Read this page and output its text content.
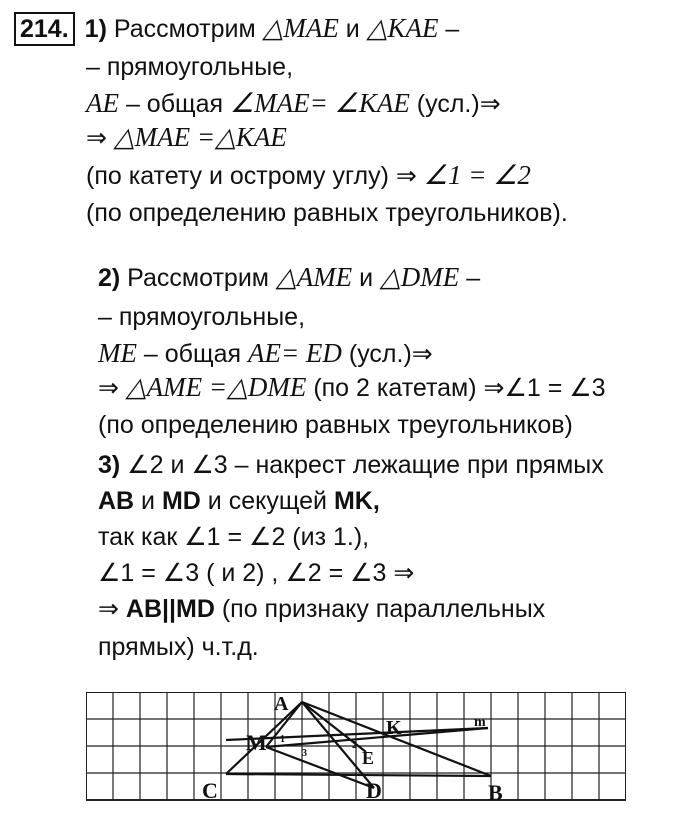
214. 1) Рассмотрим △MAE и △KAE –
– прямоугольные,
AE – общая ∠MAE= ∠KAE (усл.)⇒
⇒ △MAE =△KAE
(по катету и острому углу) ⇒ ∠1 = ∠2
(по определению равных треугольников).
2) Рассмотрим △AME и △DME –
– прямоугольные,
ME – общая AE= ED (усл.)⇒
⇒ △AME =△DME (по 2 катетам) ⇒∠1 = ∠3
(по определению равных треугольников)
3) ∠2 и ∠3 – накрест лежащие при прямых
AB и MD и секущей MK,
так как ∠1 = ∠2 (из 1.),
∠1 = ∠3 ( и 2) , ∠2 = ∠3 ⇒
⇒ AB||MD (по признаку параллельных
прямых) ч.т.д.
A
M
K
E
C	D	B
m
1
2
3
